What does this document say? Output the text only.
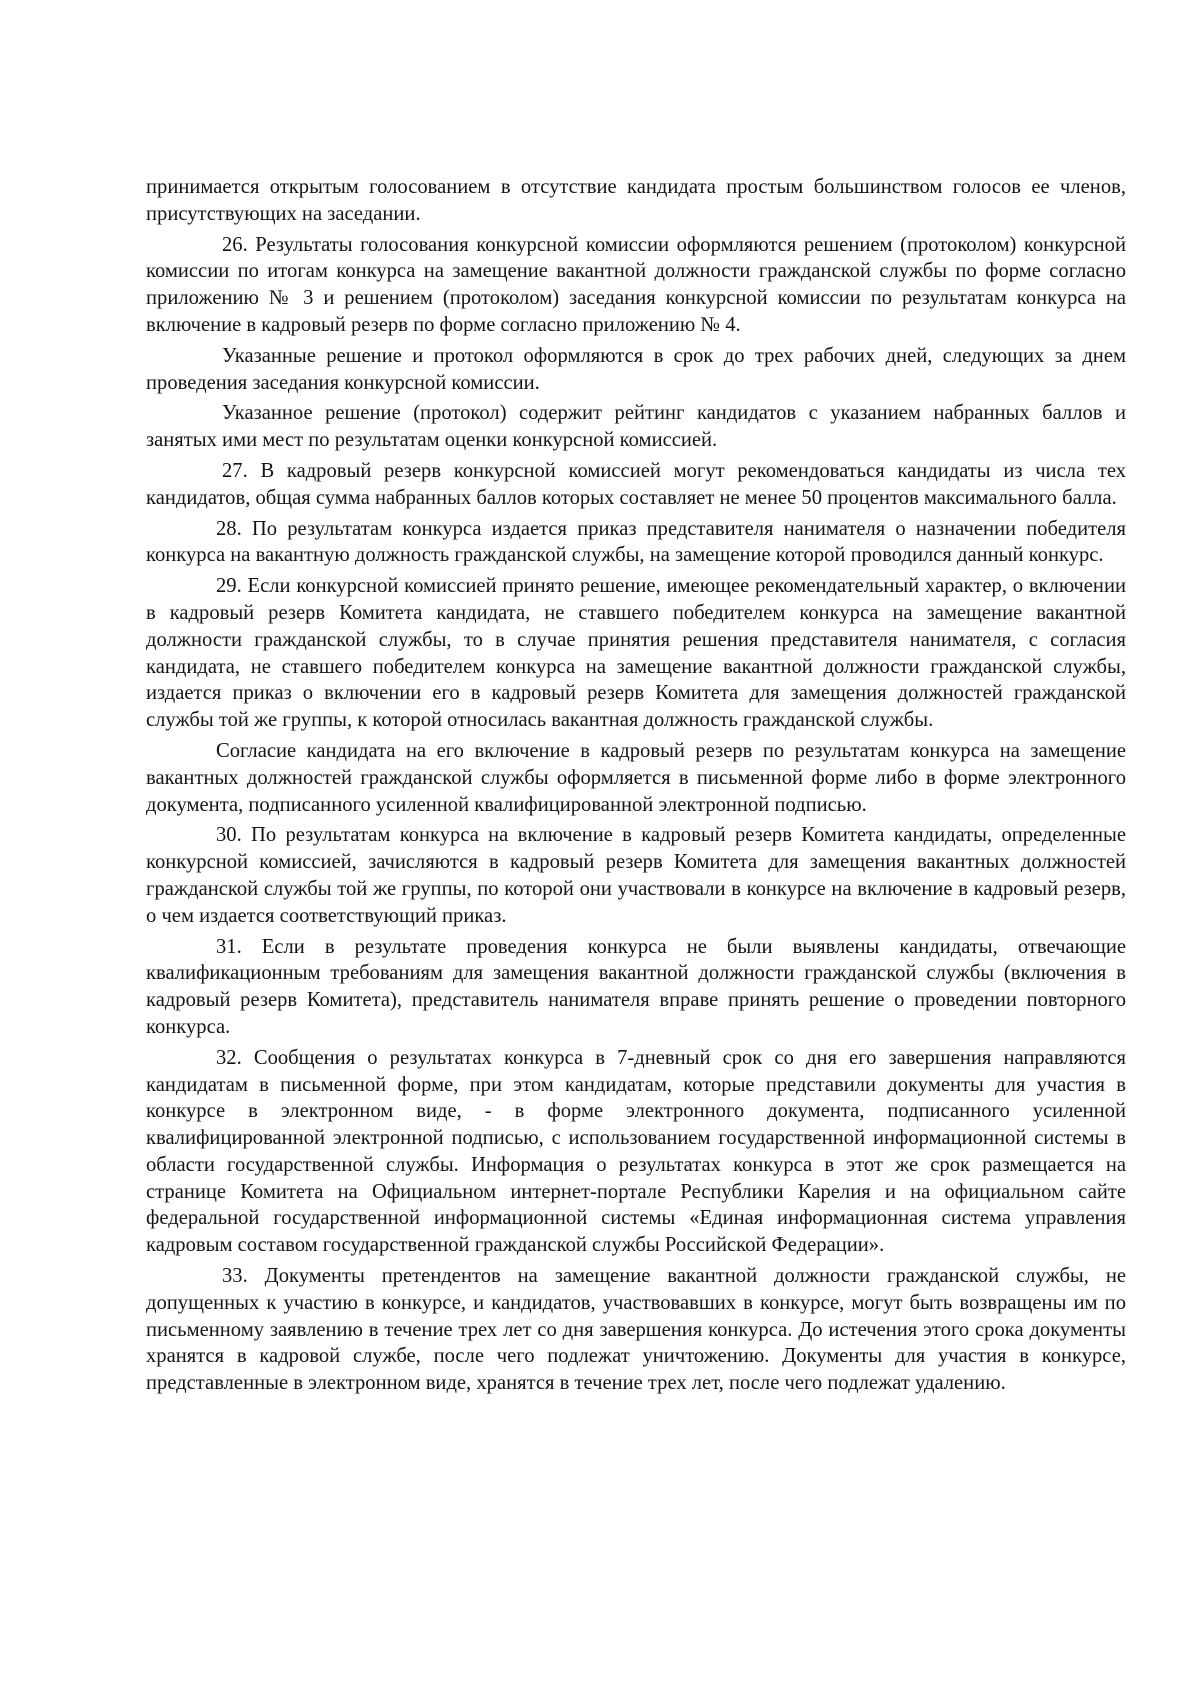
принимается открытым голосованием в отсутствие кандидата простым большинством голосов ее членов, присутствующих на заседании.

26. Результаты голосования конкурсной комиссии оформляются решением (протоколом) конкурсной комиссии по итогам конкурса на замещение вакантной должности гражданской службы по форме согласно приложению № 3 и решением (протоколом) заседания конкурсной комиссии по результатам конкурса на включение в кадровый резерв по форме согласно приложению № 4.

Указанные решение и протокол оформляются в срок до трех рабочих дней, следующих за днем проведения заседания конкурсной комиссии.

Указанное решение (протокол) содержит рейтинг кандидатов с указанием набранных баллов и занятых ими мест по результатам оценки конкурсной комиссией.

27. В кадровый резерв конкурсной комиссией могут рекомендоваться кандидаты из числа тех кандидатов, общая сумма набранных баллов которых составляет не менее 50 процентов максимального балла.

28. По результатам конкурса издается приказ представителя нанимателя о назначении победителя конкурса на вакантную должность гражданской службы, на замещение которой проводился данный конкурс.

29. Если конкурсной комиссией принято решение, имеющее рекомендательный характер, о включении в кадровый резерв Комитета кандидата, не ставшего победителем конкурса на замещение вакантной должности гражданской службы, то в случае принятия решения представителя нанимателя, с согласия кандидата, не ставшего победителем конкурса на замещение вакантной должности гражданской службы, издается приказ о включении его в кадровый резерв Комитета для замещения должностей гражданской службы той же группы, к которой относилась вакантная должность гражданской службы.

Согласие кандидата на его включение в кадровый резерв по результатам конкурса на замещение вакантных должностей гражданской службы оформляется в письменной форме либо в форме электронного документа, подписанного усиленной квалифицированной электронной подписью.

30. По результатам конкурса на включение в кадровый резерв Комитета кандидаты, определенные конкурсной комиссией, зачисляются в кадровый резерв Комитета для замещения вакантных должностей гражданской службы той же группы, по которой они участвовали в конкурсе на включение в кадровый резерв, о чем издается соответствующий приказ.

31. Если в результате проведения конкурса не были выявлены кандидаты, отвечающие квалификационным требованиям для замещения вакантной должности гражданской службы (включения в кадровый резерв Комитета), представитель нанимателя вправе принять решение о проведении повторного конкурса.

32. Сообщения о результатах конкурса в 7-дневный срок со дня его завершения направляются кандидатам в письменной форме, при этом кандидатам, которые представили документы для участия в конкурсе в электронном виде, - в форме электронного документа, подписанного усиленной квалифицированной электронной подписью, с использованием государственной информационной системы в области государственной службы. Информация о результатах конкурса в этот же срок размещается на странице Комитета на Официальном интернет-портале Республики Карелия и на официальном сайте федеральной государственной информационной системы «Единая информационная система управления кадровым составом государственной гражданской службы Российской Федерации».

33. Документы претендентов на замещение вакантной должности гражданской службы, не допущенных к участию в конкурсе, и кандидатов, участвовавших в конкурсе, могут быть возвращены им по письменному заявлению в течение трех лет со дня завершения конкурса. До истечения этого срока документы хранятся в кадровой службе, после чего подлежат уничтожению. Документы для участия в конкурсе, представленные в электронном виде, хранятся в течение трех лет, после чего подлежат удалению.
